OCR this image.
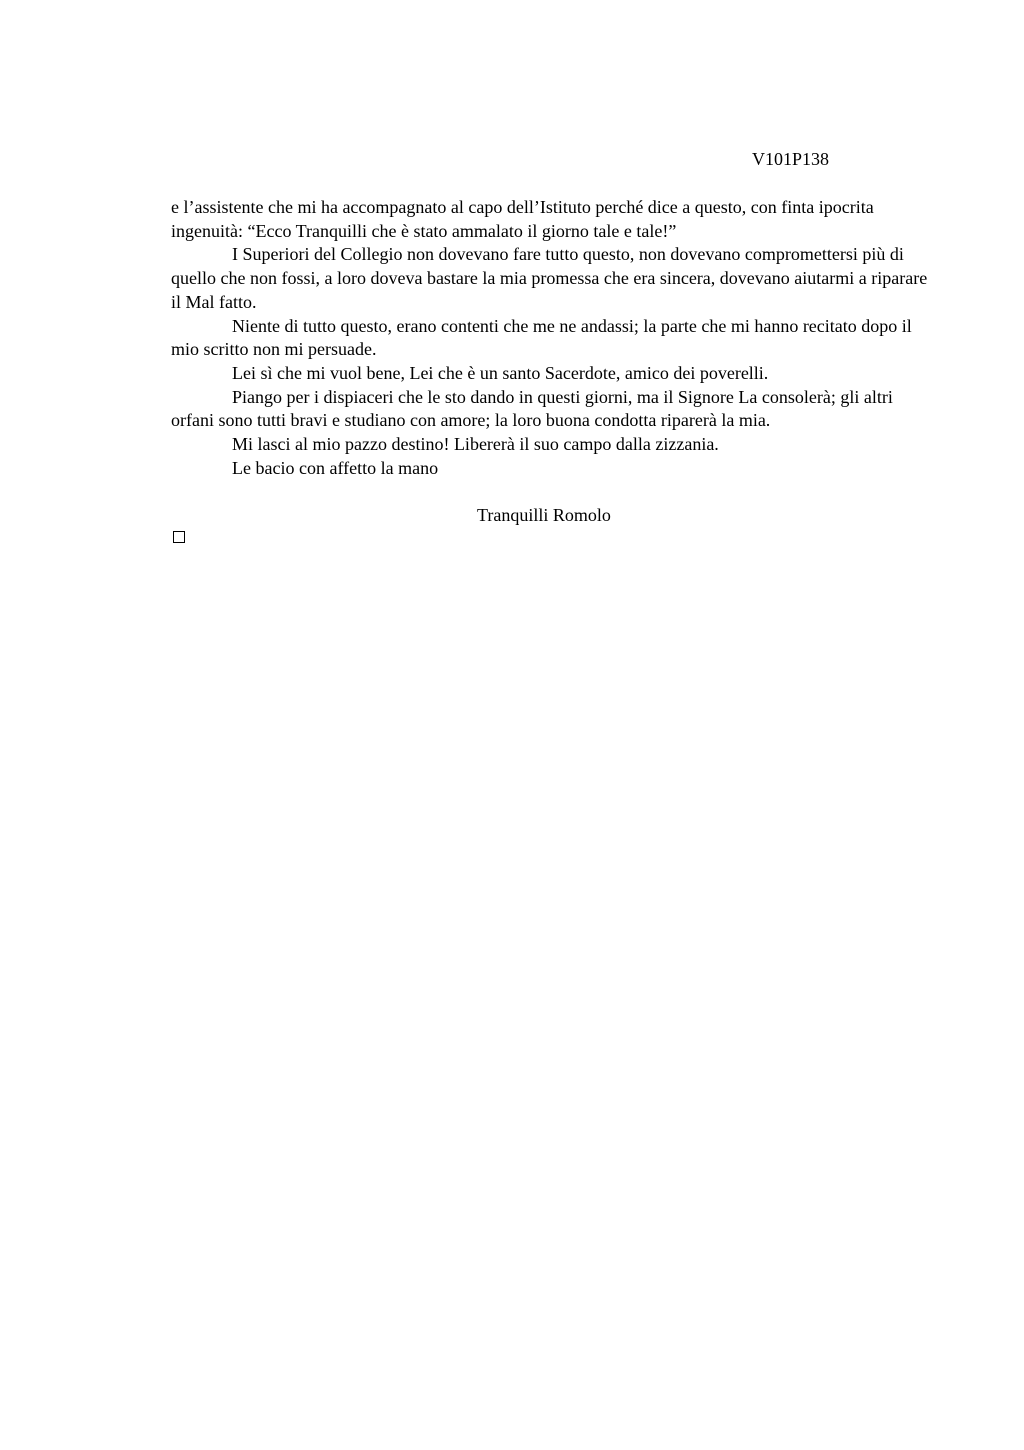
V101P138

e l’assistente che mi ha accompagnato al capo dell’Istituto perché dice a questo, con finta ipocrita ingenuità: “Ecco Tranquilli che è stato ammalato il giorno tale e tale!”

I Superiori del Collegio non dovevano fare tutto questo, non dovevano compromettersi più di quello che non fossi, a loro doveva bastare la mia promessa che era sincera, dovevano aiutarmi a riparare il Mal fatto.

Niente di tutto questo, erano contenti che me ne andassi; la parte che mi hanno recitato dopo il mio scritto non mi persuade.

Lei sì che mi vuol bene, Lei che è un santo Sacerdote, amico dei poverelli.

Piango per i dispiaceri che le sto dando in questi giorni, ma il Signore La consolerà; gli altri orfani sono tutti bravi e studiano con amore; la loro buona condotta riparerà la mia.

Mi lasci al mio pazzo destino! Libererà il suo campo dalla zizzania.

Le bacio con affetto la mano

Tranquilli Romolo
